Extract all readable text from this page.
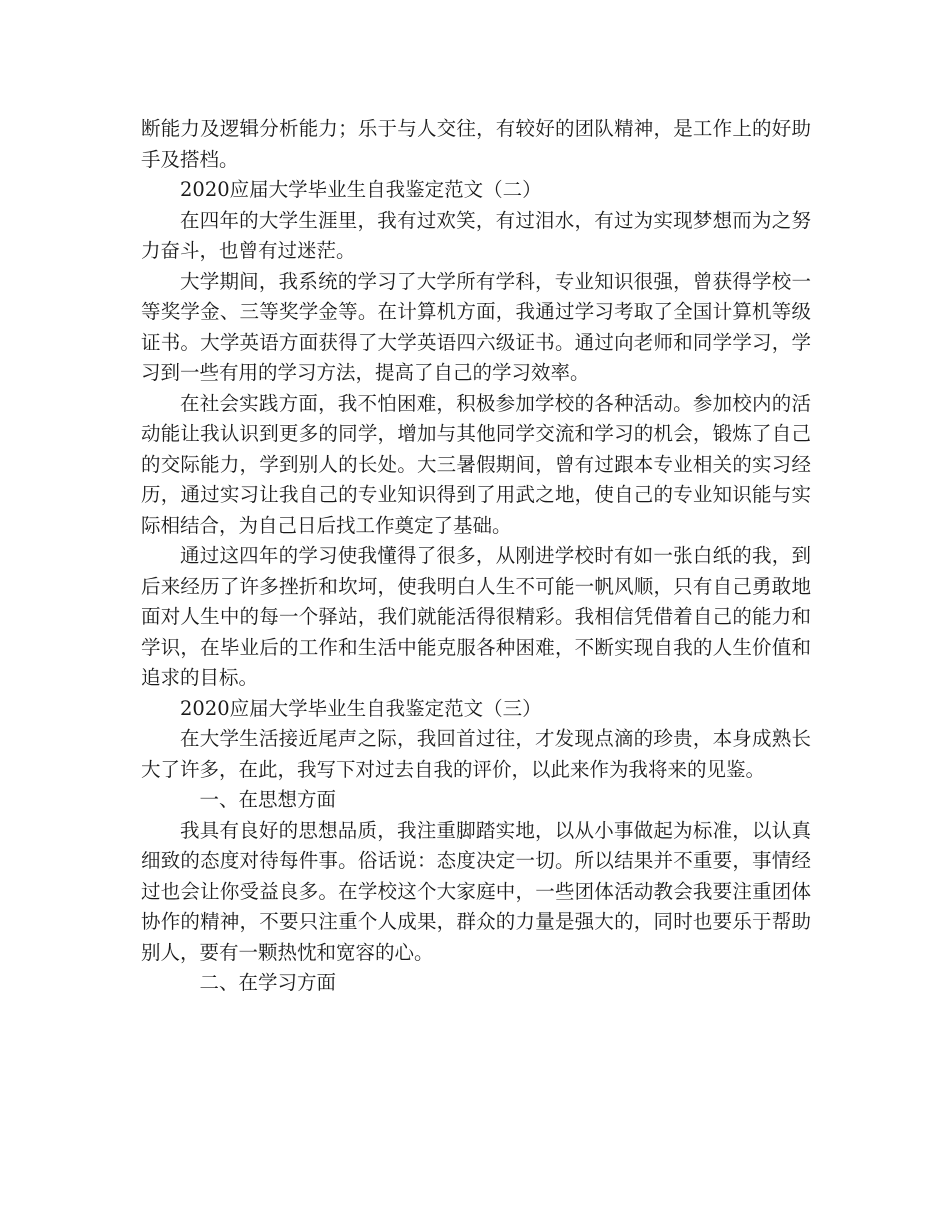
断能力及逻辑分析能力；乐于与人交往，有较好的团队精神，是工作上的好助手及搭档。

2020应届大学毕业生自我鉴定范文（二）

在四年的大学生涯里，我有过欢笑，有过泪水，有过为实现梦想而为之努力奋斗，也曾有过迷茫。

大学期间，我系统的学习了大学所有学科，专业知识很强，曾获得学校一等奖学金、三等奖学金等。在计算机方面，我通过学习考取了全国计算机等级证书。大学英语方面获得了大学英语四六级证书。通过向老师和同学学习，学习到一些有用的学习方法，提高了自己的学习效率。

在社会实践方面，我不怕困难，积极参加学校的各种活动。参加校内的活动能让我认识到更多的同学，增加与其他同学交流和学习的机会，锻炼了自己的交际能力，学到别人的长处。大三暑假期间，曾有过跟本专业相关的实习经历，通过实习让我自己的专业知识得到了用武之地，使自己的专业知识能与实际相结合，为自己日后找工作奠定了基础。

通过这四年的学习使我懂得了很多，从刚进学校时有如一张白纸的我，到后来经历了许多挫折和坎坷，使我明白人生不可能一帆风顺，只有自己勇敢地面对人生中的每一个驿站，我们就能活得很精彩。我相信凭借着自己的能力和学识，在毕业后的工作和生活中能克服各种困难，不断实现自我的人生价值和追求的目标。

2020应届大学毕业生自我鉴定范文（三）

在大学生活接近尾声之际，我回首过往，才发现点滴的珍贵，本身成熟长大了许多，在此，我写下对过去自我的评价，以此来作为我将来的见鉴。

一、在思想方面

我具有良好的思想品质，我注重脚踏实地，以从小事做起为标准，以认真细致的态度对待每件事。俗话说：态度决定一切。所以结果并不重要，事情经过也会让你受益良多。在学校这个大家庭中，一些团体活动教会我要注重团体协作的精神，不要只注重个人成果，群众的力量是强大的，同时也要乐于帮助别人，要有一颗热忱和宽容的心。

二、在学习方面
